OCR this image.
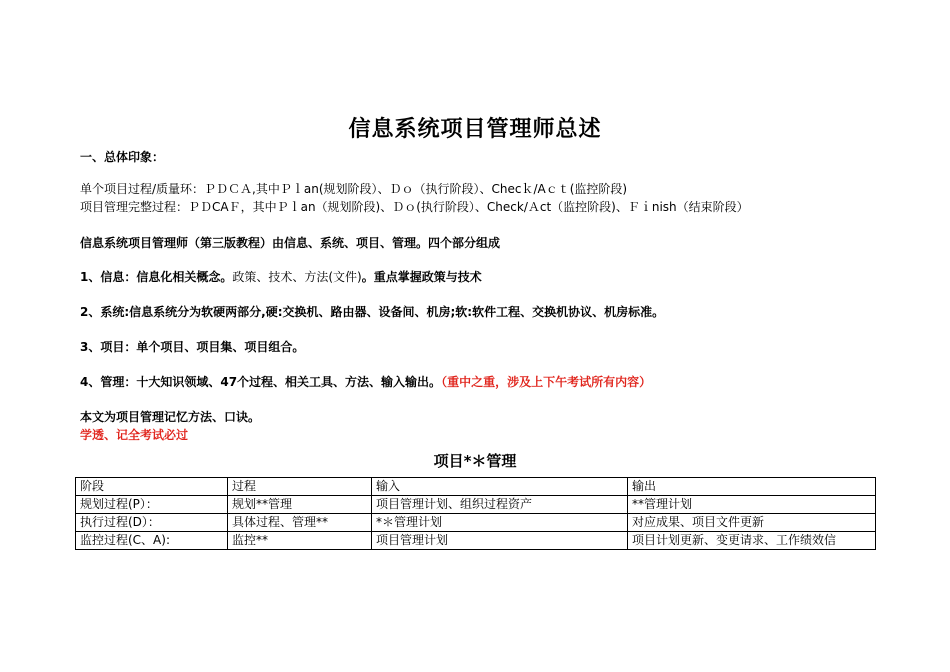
信息系统项目管理师总述
一、总体印象：
单个项目过程/质量环：ＰＤＣＡ,其中Ｐｌan(规划阶段）、Ｄｏ（执行阶段）、Checｋ/Aｃｔ(监控阶段)
项目管理完整过程：ＰＤCAＦ，其中Ｐｌan（规划阶段)、Ｄｏ(执行阶段）、Check/Ａct（监控阶段)、Ｆｉnish（结束阶段）
信息系统项目管理师（第三版教程）由信息、系统、项目、管理。四个部分组成
1、信息：信息化相关概念。政策、技术、方法(文件)。重点掌握政策与技术
2、系统:信息系统分为软硬两部分,硬:交换机、路由器、设备间、机房;软:软件工程、交换机协议、机房标准。
3、项目：单个项目、项目集、项目组合。
4、管理：十大知识领域、47个过程、相关工具、方法、输入输出。（重中之重，涉及上下午考试所有内容）
本文为项目管理记忆方法、口诀。
学透、记全考试必过
项目*＊管理
阶段	过程	输入	输出
规划过程(P）：	规划**管理	项目管理计划、组织过程资产	**管理计划
执行过程(D）：	具体过程、管理**	*＊管理计划	对应成果、项目文件更新
监控过程(C、A):	监控**	项目管理计划	项目计划更新、变更请求、工作绩效信
